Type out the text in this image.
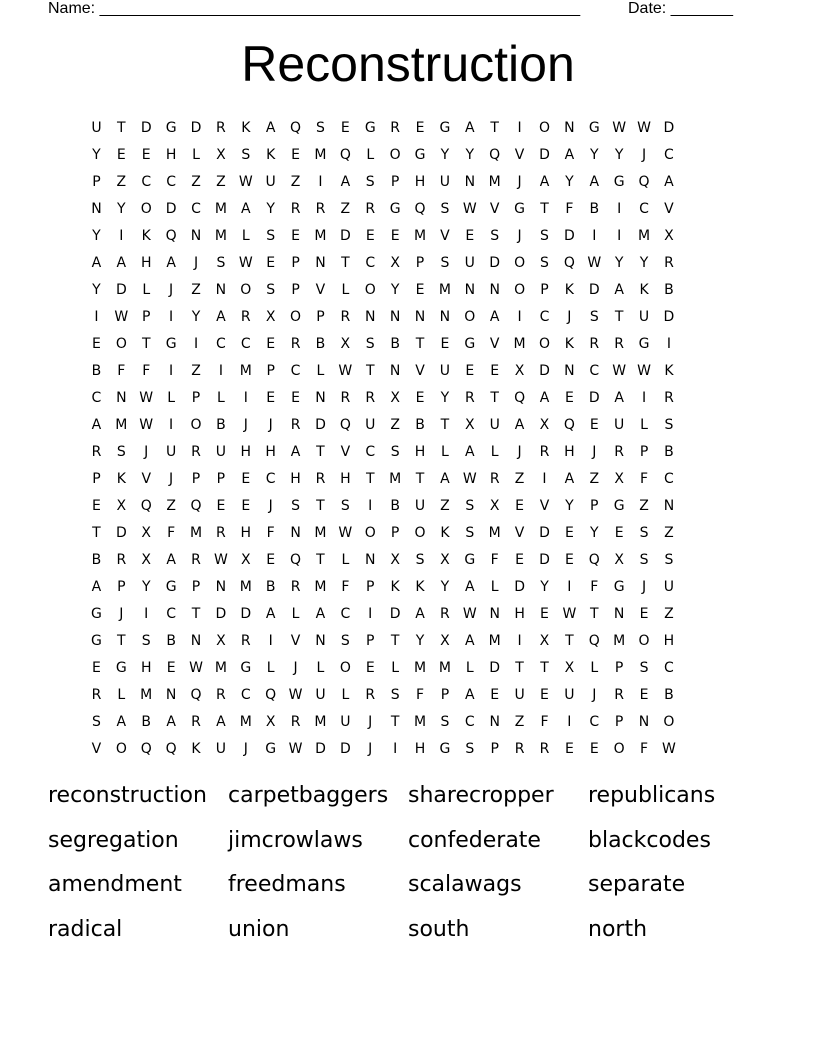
Name: ______________________________________________________	Date: _______
Reconstruction
U	T	D	G	D	R	K	A	Q	S	E	G	R	E	G	A	T	I	O	N	G W W D
Y	E	E	H	L	X	S	K	E	M Q	L	O G	Y	Y	Q	V	D	A	Y	Y	J	C
P	Z	C	C	Z	Z W U	Z	I	A	S	P	H	U	N M	J	A	Y	A	G Q	A
N	Y	O D	C M	A	Y	R	R	Z	R	G Q	S W V	G	T	F	B	I	C	V
Y	I	K	Q	N M	L	S	E	M D	E	E	M	V	E	S	J	S	D	I	I	M	X
A	A	H	A	J	S W E	P	N	T	C	X	P	S	U	D O	S	Q W Y	Y	R
Y	D	L	J	Z	N	O	S	P	V	L	O	Y	E	M N	N	O	P	K	D	A	K	B
I	W P	I	Y	A	R	X	O	P	R	N	N	N	N	O	A	I	C	J	S	T	U	D
E	O	T	G	I	C	C	E	R	B	X	S	B	T	E	G	V	M O	K	R	R	G	I
B	F	F	I	Z	I	M	P	C	L	W T	N	V	U	E	E	X	D	N	C W W K
C	N W	L	P	L	I	E	E	N	R	R	X	E	Y	R	T	Q	A	E	D	A	I	R
A	M W	I	O	B	J	J	R	D Q	U	Z	B	T	X	U	A	X	Q	E	U	L	S
R	S	J	U	R	U	H	H	A	T	V	C	S	H	L	A	L	J	R	H	J	R	P	B
P	K	V	J	P	P	E	C	H	R	H	T	M	T	A W R	Z	I	A	Z	X	F	C
E	X	Q	Z	Q	E	E	J	S	T	S	I	B	U	Z	S	X	E	V	Y	P	G	Z	N
T	D	X	F	M R	H	F	N M W O	P	O	K	S	M	V	D	E	Y	E	S	Z
B	R	X	A	R W X	E	Q	T	L	N	X	S	X	G	F	E	D	E	Q	X	S	S
A	P	Y	G	P	N M	B	R M	F	P	K	K	Y	A	L	D	Y	I	F	G	J	U
G	J	I	C	T	D	D	A	L	A	C	I	D	A	R W N	H	E W T	N	E	Z
G	T	S	B	N	X	R	I	V	N	S	P	T	Y	X	A	M	I	X	T	Q M O	H
E	G	H	E W M G	L	J	L	O	E	L	M M	L	D	T	T	X	L	P	S	C
R	L	M N	Q	R	C	Q W U	L	R	S	F	P	A	E	U	E	U	J	R	E	B
S	A	B	A	R	A	M	X	R M U	J	T	M	S	C	N	Z	F	I	C	P	N	O
V	O Q Q	K	U	J	G W D	D	J	I	H	G	S	P	R	R	E	E	O	F W
reconstruction carpetbaggers sharecropper	republicans
segregation	jimcrowlaws	confederate	blackcodes
amendment	freedmans	scalawags	separate
radical	union	south	north
